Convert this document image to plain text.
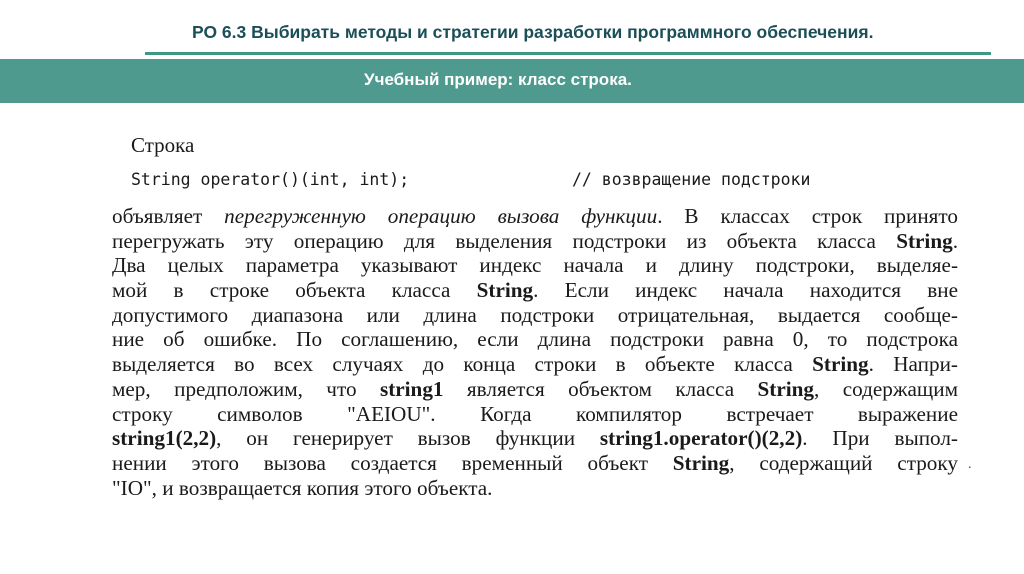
РО 6.3 Выбирать методы и стратегии разработки программного обеспечения.
Учебный пример: класс строка.
Строка
String operator()(int, int);	// возвращение подстроки
объявляет перегруженную операцию вызова функции. В классах строк принято
перегружать эту операцию для выделения подстроки из объекта класса String.
Два целых параметра указывают индекс начала и длину подстроки, выделяе-
мой в строке объекта класса String. Если индекс начала находится вне
допустимого диапазона или длина подстроки отрицательная, выдается сообще-
ние об ошибке. По соглашению, если длина подстроки равна 0, то подстрока
выделяется во всех случаях до конца строки в объекте класса String. Напри-
мер, предположим, что string1 является объектом класса String, содержащим
строку символов "AEIOU". Когда компилятор встречает выражение
string1(2,2), он генерирует вызов функции string1.operator()(2,2). При выпол-
нении этого вызова создается временный объект String, содержащий строку
"IO", и возвращается копия этого объекта.
.
